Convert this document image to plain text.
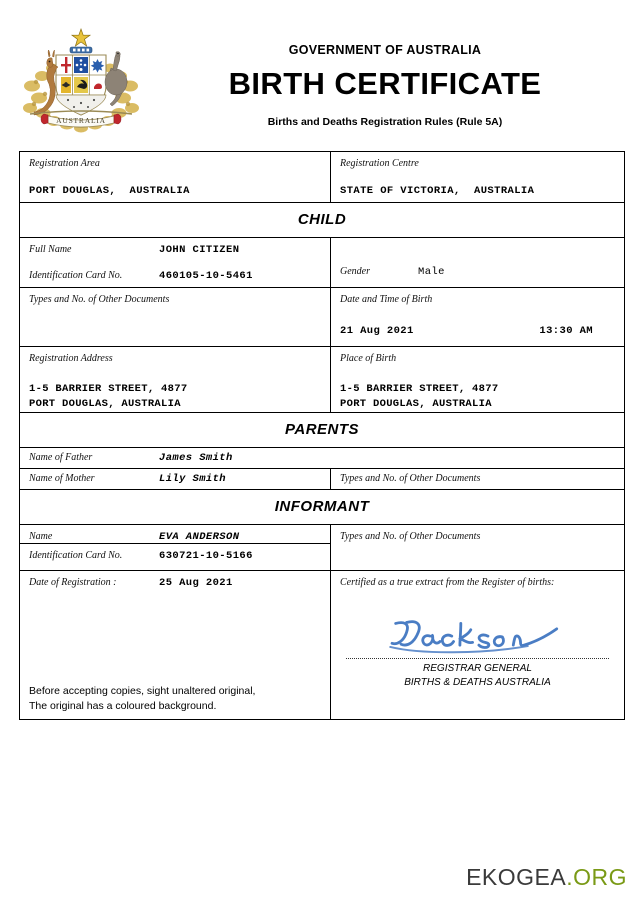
AUSTRALIA
GOVERNMENT OF AUSTRALIA
BIRTH CERTIFICATE
Births and Deaths Registration Rules (Rule 5A)
Registration Area
PORT DOUGLAS,  AUSTRALIA

Registration Centre
STATE OF VICTORIA,  AUSTRALIA

CHILD	

Full Name	JOHN CITIZEN
Identification Card No.	460105-10-5461	Gender	Male

Types and No. of Other Documents	Date and Time of Birth
21 Aug 2021 13:30 AM

Registration Address
1-5 BARRIER STREET, 4877
PORT DOUGLAS, AUSTRALIA

Place of Birth
1-5 BARRIER STREET, 4877
PORT DOUGLAS, AUSTRALIA

PARENTS	

Name of Father James Smith	

Name of Mother Lily Smith	Types and No. of Other Documents

INFORMANT	

Name EVA ANDERSON
Identification Card No. 630721-10-5166	Types and No. of Other Documents

Date of Registration :	25 Aug 2021
Before accepting copies, sight unaltered original,
The original has a coloured background.

Certified as a true extract from the Register of births:
REGISTRAR GENERAL
BIRTHS & DEATHS AUSTRALIA
EKOGEA.ORG
